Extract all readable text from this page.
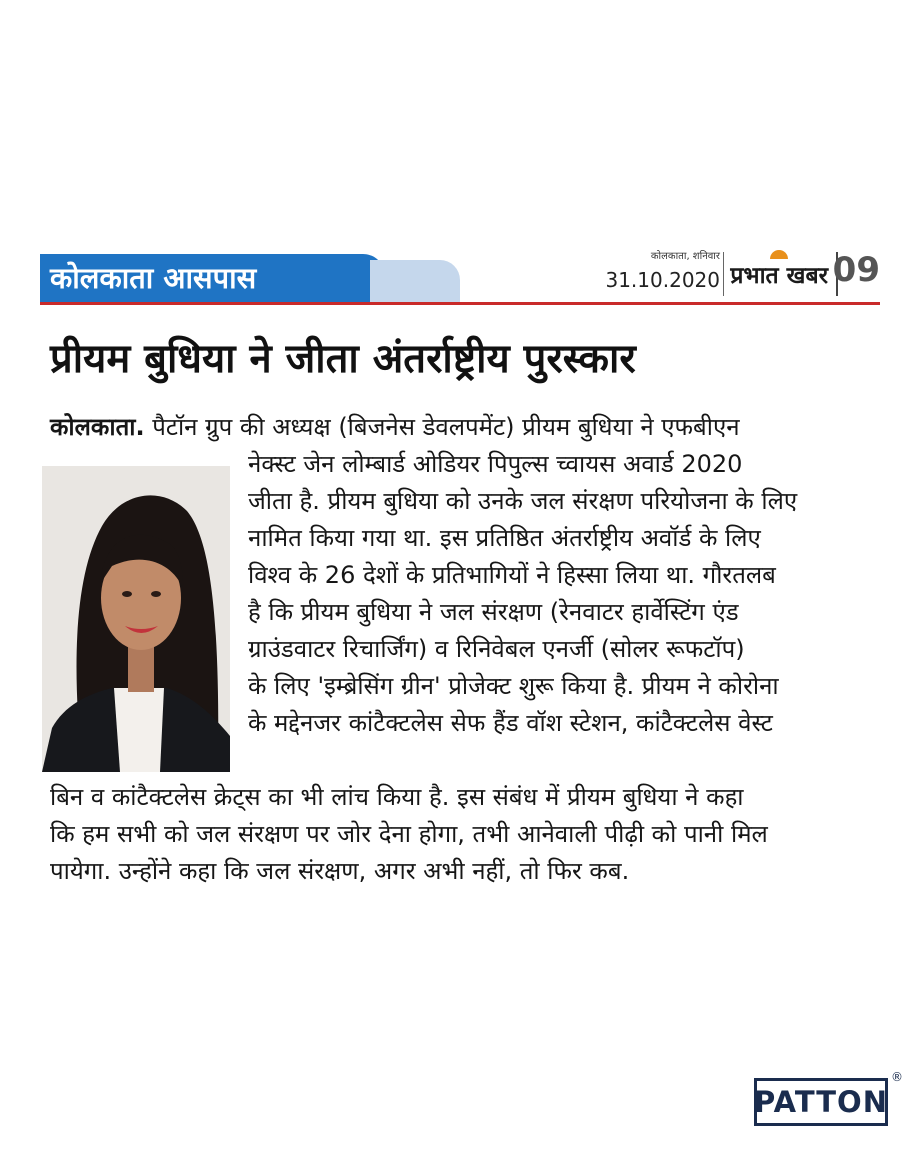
कोलकाता आसपास
कोलकाता, शनिवार
31.10.2020 प्रभात खबर 09
प्रीयम बुधिया ने जीता अंतर्राष्ट्रीय पुरस्कार

कोलकाता. पैटॉन ग्रुप की अध्यक्ष (बिजनेस डेवलपमेंट) प्रीयम बुधिया ने एफबीएन

नेक्स्ट जेन लोम्बार्ड ओडियर पिपुल्स च्वायस अवार्ड 2020

जीता है. प्रीयम बुधिया को उनके जल संरक्षण परियोजना के लिए

नामित किया गया था. इस प्रतिष्ठित अंतर्राष्ट्रीय अवॉर्ड के लिए

विश्व के 26 देशों के प्रतिभागियों ने हिस्सा लिया था. गौरतलब

है कि प्रीयम बुधिया ने जल संरक्षण (रेनवाटर हार्वेस्टिंग एंड

ग्राउंडवाटर रिचार्जिंग) व रिनिवेबल एनर्जी (सोलर रूफटॉप)

के लिए 'इम्ब्रेसिंग ग्रीन' प्रोजेक्ट शुरू किया है. प्रीयम ने कोरोना

के मद्देनजर कांटैक्टलेस सेफ हैंड वॉश स्टेशन, कांटैक्टलेस वेस्ट

बिन व कांटैक्टलेस क्रेट्स का भी लांच किया है. इस संबंध में प्रीयम बुधिया ने कहा

कि हम सभी को जल संरक्षण पर जोर देना होगा, तभी आनेवाली पीढ़ी को पानी मिल

पायेगा. उन्होंने कहा कि जल संरक्षण, अगर अभी नहीं, तो फिर कब.

PATTON
®
